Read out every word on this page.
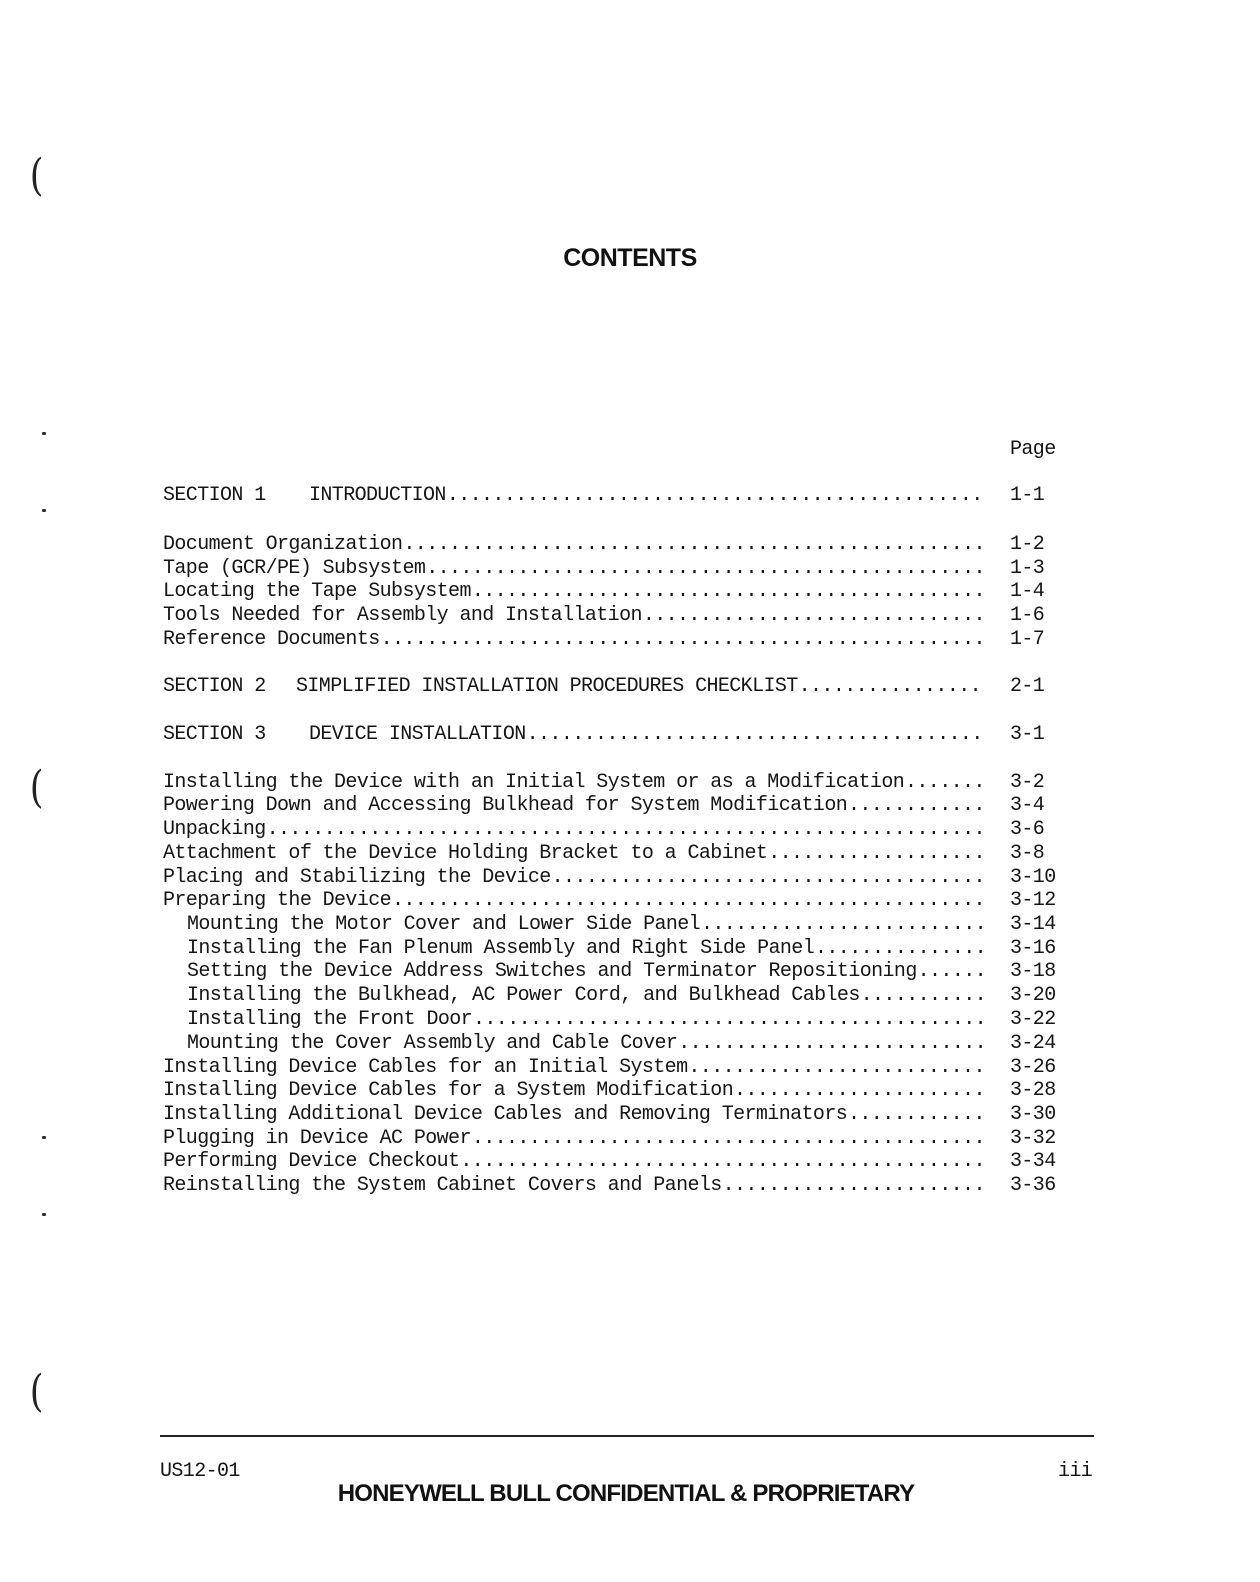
(
(
(
CONTENTS
Page
SECTION 1 INTRODUCTION ............................................... 1-1
Document Organization ................................................... 1-2
Tape (GCR/PE) Subsystem ................................................. 1-3
Locating the Tape Subsystem ............................................. 1-4
Tools Needed for Assembly and Installation .............................. 1-6
Reference Documents ..................................................... 1-7
SECTION 2 SIMPLIFIED INSTALLATION PROCEDURES CHECKLIST ................ 2-1
SECTION 3 DEVICE INSTALLATION ........................................ 3-1
Installing the Device with an Initial System or as a Modification ....... 3-2
Powering Down and Accessing Bulkhead for System Modification ............ 3-4
Unpacking ............................................................... 3-6
Attachment of the Device Holding Bracket to a Cabinet ................... 3-8
Placing and Stabilizing the Device ...................................... 3-10
Preparing the Device .................................................... 3-12
Mounting the Motor Cover and Lower Side Panel ......................... 3-14
Installing the Fan Plenum Assembly and Right Side Panel ............... 3-16
Setting the Device Address Switches and Terminator Repositioning ...... 3-18
Installing the Bulkhead, AC Power Cord, and Bulkhead Cables ........... 3-20
Installing the Front Door ............................................. 3-22
Mounting the Cover Assembly and Cable Cover ........................... 3-24
Installing Device Cables for an Initial System .......................... 3-26
Installing Device Cables for a System Modification ...................... 3-28
Installing Additional Device Cables and Removing Terminators ............ 3-30
Plugging in Device AC Power ............................................. 3-32
Performing Device Checkout .............................................. 3-34
Reinstalling the System Cabinet Covers and Panels ....................... 3-36
US12-01	iii
HONEYWELL BULL CONFIDENTIAL & PROPRIETARY
